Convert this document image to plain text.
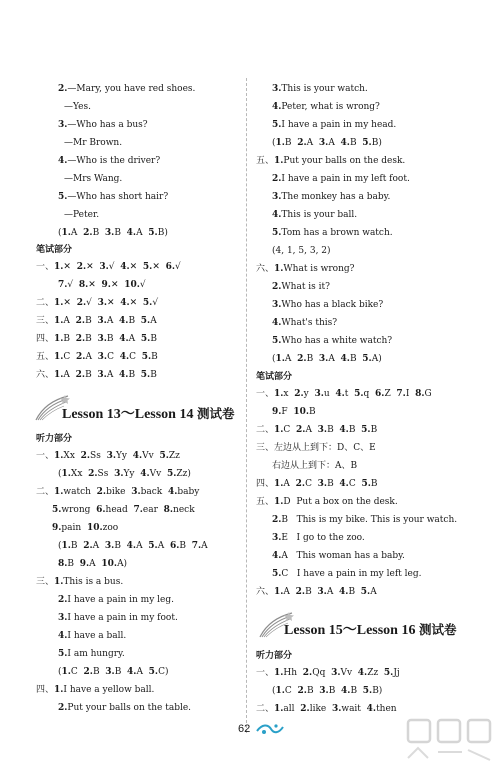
2.—Mary, you have red shoes.
—Yes.
3.—Who has a bus?
—Mr Brown.
4.—Who is the driver?
—Mrs Wang.
5.—Who has short hair?
—Peter.
(1.A  2.B  3.B  4.A  5.B)
笔试部分
一、1.✕  2.✕  3.√  4.✕  5.✕  6.√
7.√  8.✕  9.✕  10.√
二、1.✕  2.√  3.✕  4.✕  5.√
三、1.A  2.B  3.A  4.B  5.A
四、1.B  2.B  3.B  4.A  5.B
五、1.C  2.A  3.C  4.C  5.B
六、1.A  2.B  3.A  4.B  5.B
听力部分
一、1.Xx  2.Ss  3.Yy  4.Vv  5.Zz
(1.Xx  2.Ss  3.Yy  4.Vv  5.Zz)
二、1.watch  2.bike  3.back  4.baby
5.wrong  6.head  7.ear  8.neck
9.pain  10.zoo
(1.B  2.A  3.B  4.A  5.A  6.B  7.A
8.B  9.A  10.A)
三、1.This is a bus.
2.I have a pain in my leg.
3.I have a pain in my foot.
4.I have a ball.
5.I am hungry.
(1.C  2.B  3.B  4.A  5.C)
四、1.I have a yellow ball.
2.Put your balls on the table.
3.This is your watch.
4.Peter, what is wrong?
5.I have a pain in my head.
(1.B  2.A  3.A  4.B  5.B)
五、1.Put your balls on the desk.
2.I have a pain in my left foot.
3.The monkey has a baby.
4.This is your ball.
5.Tom has a brown watch.
(4, 1, 5, 3, 2)
六、1.What is wrong?
2.What is it?
3.Who has a black bike?
4.What's this?
5.Who has a white watch?
(1.A  2.B  3.A  4.B  5.A)
笔试部分
一、1.x  2.y  3.u  4.t  5.q  6.Z  7.I  8.G
9.F  10.B
二、1.C  2.A  3.B  4.B  5.B
三、左边从上到下：D、C、E
右边从上到下：A、B
四、1.A  2.C  3.B  4.C  5.B
五、1.D  Put a box on the desk.
2.B   This is my bike. This is your watch.
3.E   I go to the zoo.
4.A   This woman has a baby.
5.C   I have a pain in my left leg.
六、1.A  2.B  3.A  4.B  5.A
听力部分
一、1.Hh  2.Qq  3.Vv  4.Zz  5.Jj
(1.C  2.B  3.B  4.B  5.B)
二、1.all  2.like  3.wait  4.then
Lesson 13～Lesson 14 测试卷
Lesson 15～Lesson 16 测试卷
62
